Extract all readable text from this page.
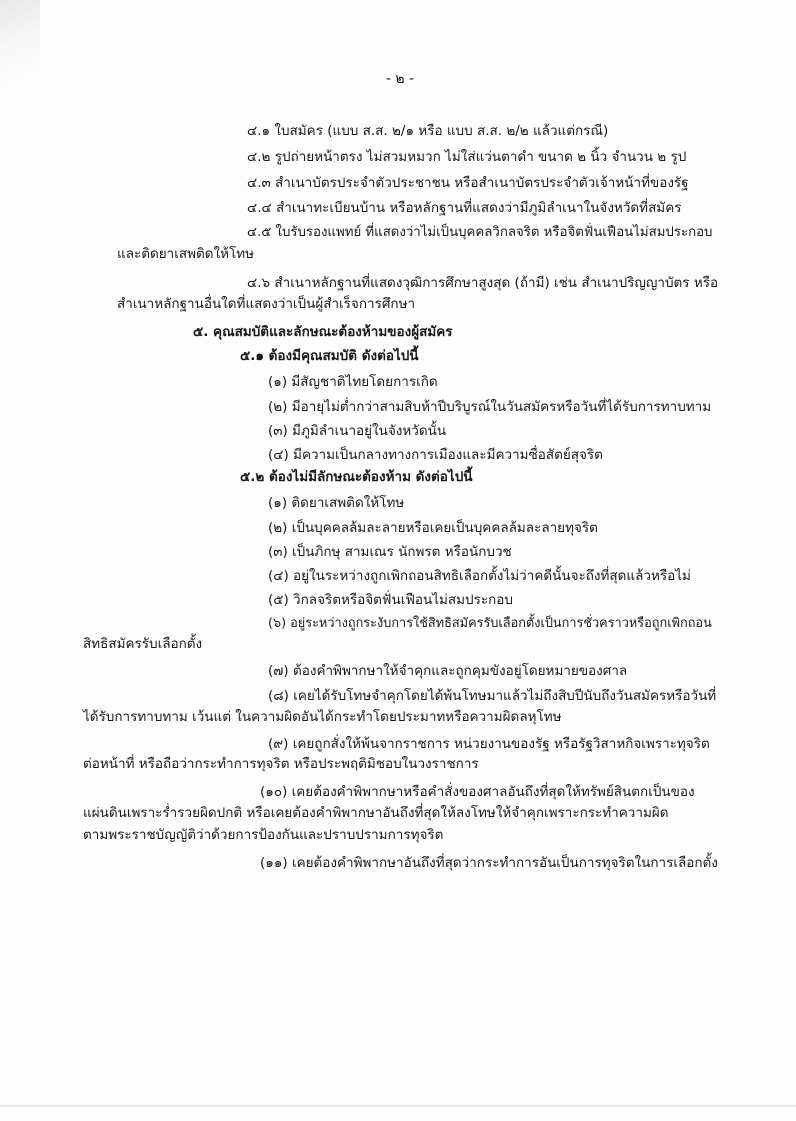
- ๒ -
๔.๑ ใบสมัคร (แบบ ส.ส. ๒/๑ หรือ แบบ ส.ส. ๒/๒ แล้วแต่กรณี)
๔.๒ รูปถ่ายหน้าตรง ไม่สวมหมวก ไม่ใส่แว่นตาดำ ขนาด ๒ นิ้ว จำนวน ๒ รูป
๔.๓ สำเนาบัตรประจำตัวประชาชน หรือสำเนาบัตรประจำตัวเจ้าหน้าที่ของรัฐ
๔.๔ สำเนาทะเบียนบ้าน หรือหลักฐานที่แสดงว่ามีภูมิลำเนาในจังหวัดที่สมัคร
๔.๕ ใบรับรองแพทย์ ที่แสดงว่าไม่เป็นบุคคลวิกลจริต หรือจิตฟั่นเฟือนไม่สมประกอบ
และติดยาเสพติดให้โทษ
๔.๖ สำเนาหลักฐานที่แสดงวุฒิการศึกษาสูงสุด (ถ้ามี) เช่น สำเนาปริญญาบัตร หรือ
สำเนาหลักฐานอื่นใดที่แสดงว่าเป็นผู้สำเร็จการศึกษา
๕. คุณสมบัติและลักษณะต้องห้ามของผู้สมัคร
๕.๑ ต้องมีคุณสมบัติ ดังต่อไปนี้
(๑) มีสัญชาติไทยโดยการเกิด
(๒) มีอายุไม่ต่ำกว่าสามสิบห้าปีบริบูรณ์ในวันสมัครหรือวันที่ได้รับการทาบทาม
(๓) มีภูมิลำเนาอยู่ในจังหวัดนั้น
(๔) มีความเป็นกลางทางการเมืองและมีความซื่อสัตย์สุจริต
๕.๒ ต้องไม่มีลักษณะต้องห้าม ดังต่อไปนี้
(๑) ติดยาเสพติดให้โทษ
(๒) เป็นบุคคลล้มละลายหรือเคยเป็นบุคคลล้มละลายทุจริต
(๓) เป็นภิกษุ สามเณร นักพรต หรือนักบวช
(๔) อยู่ในระหว่างถูกเพิกถอนสิทธิเลือกตั้งไม่ว่าคดีนั้นจะถึงที่สุดแล้วหรือไม่
(๕) วิกลจริตหรือจิตฟั่นเฟือนไม่สมประกอบ
(๖) อยู่ระหว่างถูกระงับการใช้สิทธิสมัครรับเลือกตั้งเป็นการชั่วคราวหรือถูกเพิกถอน
สิทธิสมัครรับเลือกตั้ง
(๗) ต้องคำพิพากษาให้จำคุกและถูกคุมขังอยู่โดยหมายของศาล
(๘) เคยได้รับโทษจำคุกโดยได้พ้นโทษมาแล้วไม่ถึงสิบปีนับถึงวันสมัครหรือวันที่
ได้รับการทาบทาม เว้นแต่ ในความผิดอันได้กระทำโดยประมาทหรือความผิดลหุโทษ
(๙) เคยถูกสั่งให้พ้นจากราชการ หน่วยงานของรัฐ หรือรัฐวิสาหกิจเพราะทุจริต
ต่อหน้าที่ หรือถือว่ากระทำการทุจริต หรือประพฤติมิชอบในวงราชการ
(๑๐) เคยต้องคำพิพากษาหรือคำสั่งของศาลอันถึงที่สุดให้ทรัพย์สินตกเป็นของ
แผ่นดินเพราะร่ำรวยผิดปกติ หรือเคยต้องคำพิพากษาอันถึงที่สุดให้ลงโทษให้จำคุกเพราะกระทำความผิด
ตามพระราชบัญญัติว่าด้วยการป้องกันและปราบปรามการทุจริต
(๑๑) เคยต้องคำพิพากษาอันถึงที่สุดว่ากระทำการอันเป็นการทุจริตในการเลือกตั้ง
